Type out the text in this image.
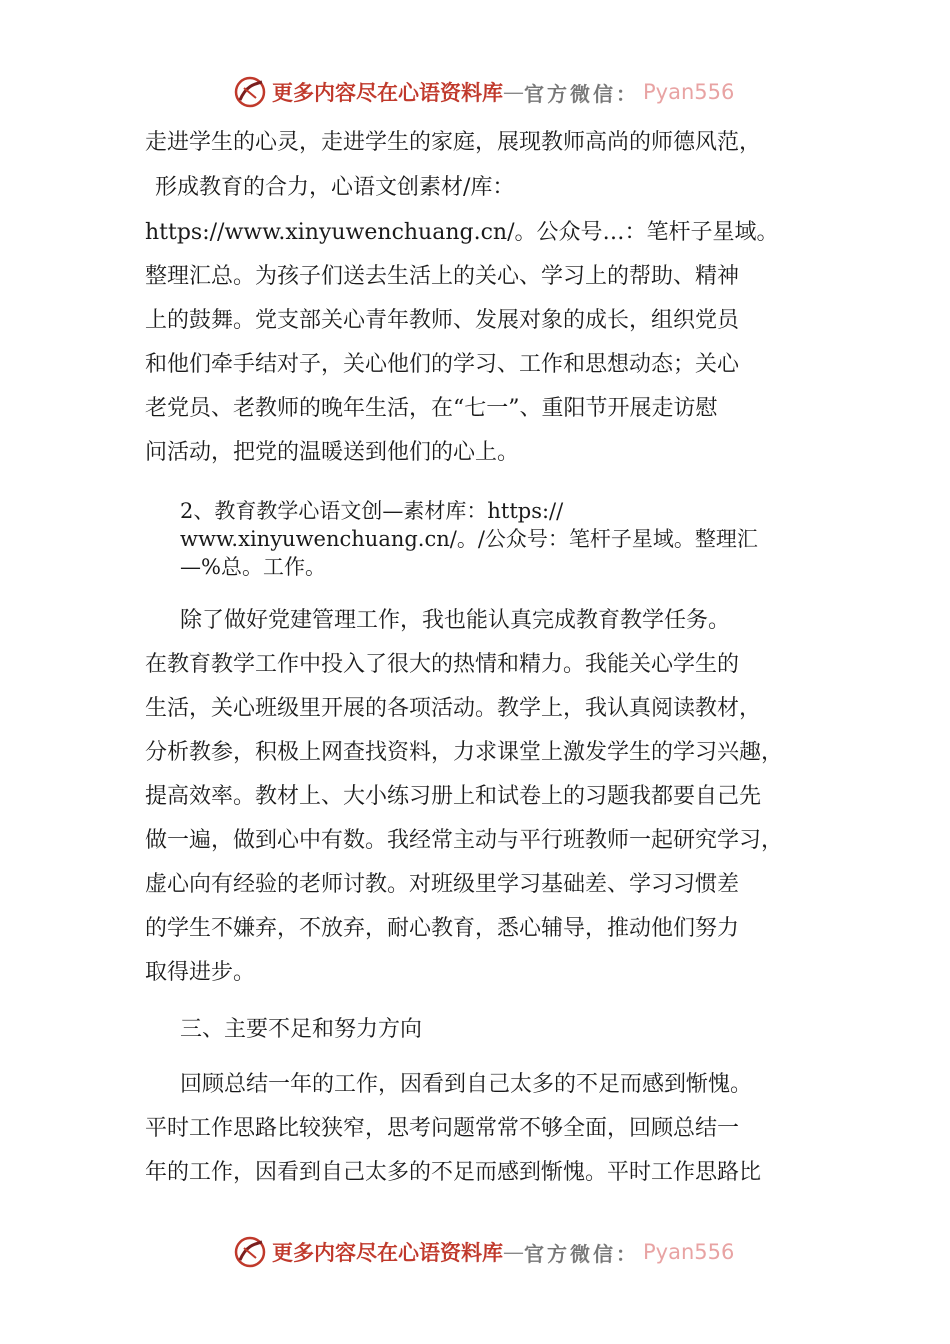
更多内容尽在心语资料库 — 官方微信： Pyan556
走进学生的心灵，走进学生的家庭，展现教师高尚的师德风范，
形成教育的合力，心语文创素材/库：
https://www.xinyuwenchuang.cn/。公众号…：笔杆子星域。
整理汇总。为孩子们送去生活上的关心、学习上的帮助、精神
上的鼓舞。党支部关心青年教师、发展对象的成长，组织党员
和他们牵手结对子，关心他们的学习、工作和思想动态；关心
老党员、老教师的晚年生活，在“七一”、重阳节开展走访慰
问活动，把党的温暖送到他们的心上。
2、教育教学心语文创—素材库：https://
www.xinyuwenchuang.cn/。/公众号：笔杆子星域。整理汇
—%总。工作。
除了做好党建管理工作，我也能认真完成教育教学任务。
在教育教学工作中投入了很大的热情和精力。我能关心学生的
生活，关心班级里开展的各项活动。教学上，我认真阅读教材，
分析教参，积极上网查找资料，力求课堂上激发学生的学习兴趣，
提高效率。教材上、大小练习册上和试卷上的习题我都要自己先
做一遍，做到心中有数。我经常主动与平行班教师一起研究学习，
虚心向有经验的老师讨教。对班级里学习基础差、学习习惯差
的学生不嫌弃，不放弃，耐心教育，悉心辅导，推动他们努力
取得进步。
三、主要不足和努力方向
回顾总结一年的工作，因看到自己太多的不足而感到惭愧。
平时工作思路比较狭窄，思考问题常常不够全面，回顾总结一
年的工作，因看到自己太多的不足而感到惭愧。平时工作思路比
更多内容尽在心语资料库 — 官方微信： Pyan556
